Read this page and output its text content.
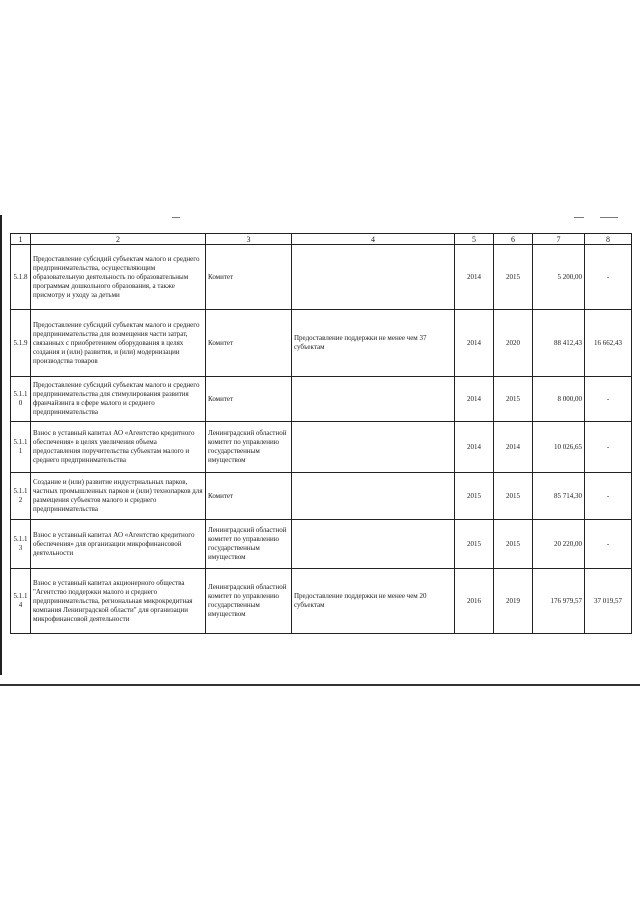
1	2	3	4	5	6	7	8
5.1.8	Предоставление субсидий субъектам малого и среднего предпринимательства, осуществляющим образовательную деятельность по образовательным программам дошкольного образования, а также присмотру и уходу за детьми	Комитет		2014	2015	5 200,00	-
5.1.9	Предоставление субсидий субъектам малого и среднего предпринимательства для возмещения части затрат, связанных с приобретением оборудования в целях создания и (или) развития, и (или) модернизации производства товаров	Комитет	Предоставление поддержки не менее чем 37 субъектам	2014	2020	88 412,43	16 662,43
5.1.10	Предоставление субсидий субъектам малого и среднего предпринимательства для стимулирования развития франчайзинга в сфере малого и среднего предпринимательства	Комитет		2014	2015	8 000,00	-
5.1.11	Взнос в уставный капитал АО «Агентство кредитного обеспечения» в целях увеличения объема предоставления поручительства субъектам малого и среднего предпринимательства	Ленинградский областной комитет по управлению государственным имуществом		2014	2014	10 026,65	-
5.1.12	Создание и (или) развитие индустриальных парков, частных промышленных парков и (или) технопарков для размещения субъектов малого и среднего предпринимательства	Комитет		2015	2015	85 714,30	-
5.1.13	Взнос в уставный капитал АО «Агентство кредитного обеспечения» для организации микрофинансовой деятельности	Ленинградский областной комитет по управлению государственным имуществом		2015	2015	20 220,00	-
5.1.14	Взнос в уставный капитал акционерного общества "Агентство поддержки малого и среднего предпринимательства, региональная микрокредитная компания Ленинградской области" для организации микрофинансовой деятельности	Ленинградский областной комитет по управлению государственным имуществом	Предоставление поддержки не менее чем 20 субъектам	2016	2019	176 979,57	37 019,57
